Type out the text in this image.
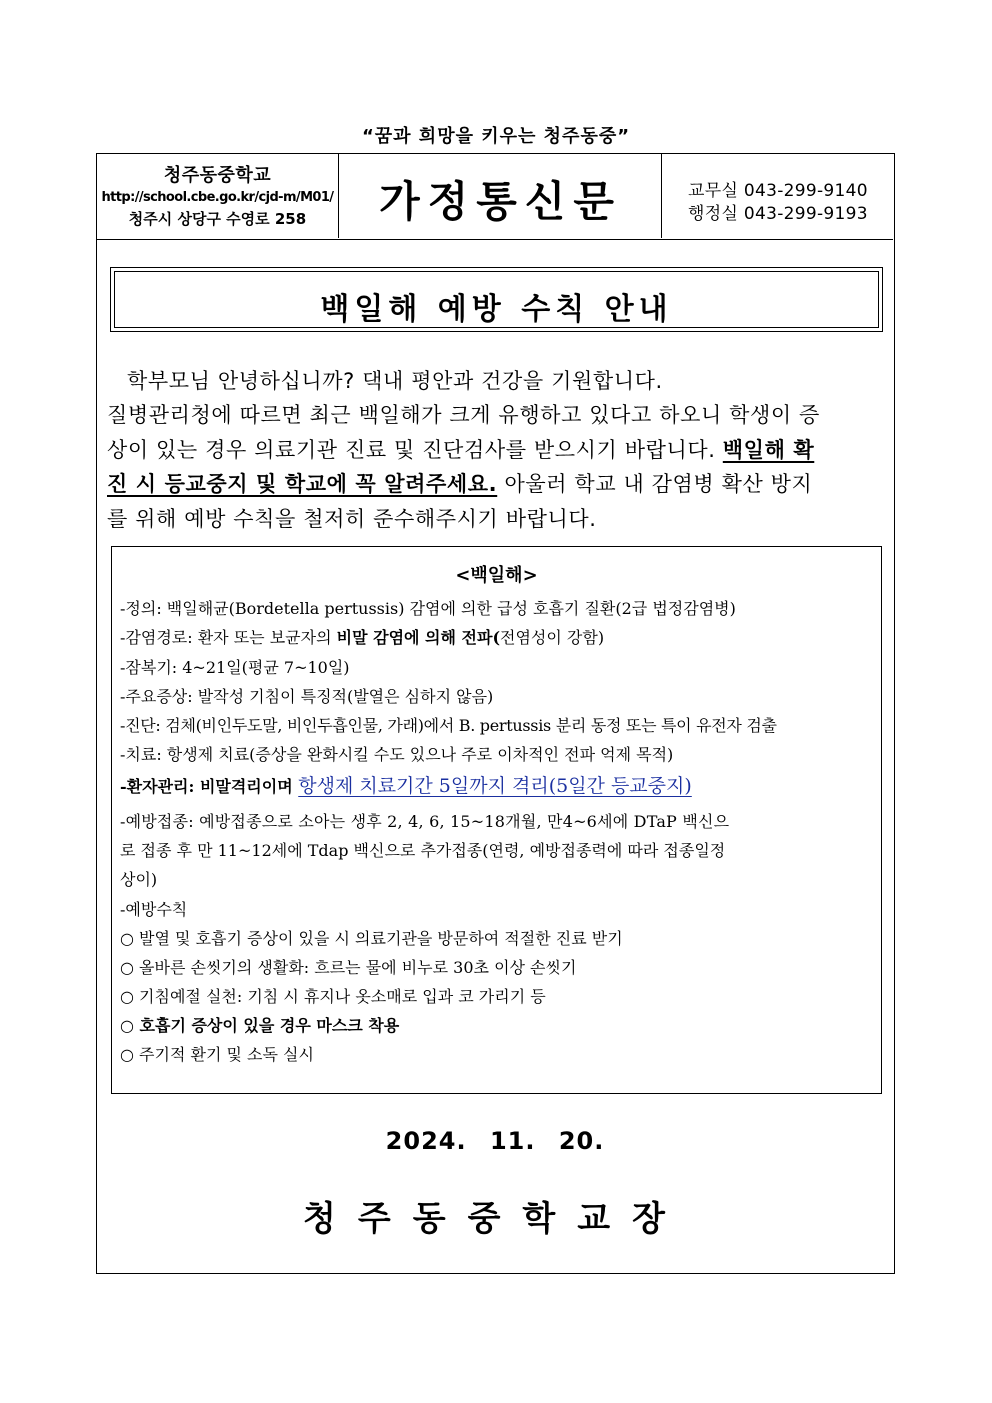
“꿈과 희망을 키우는 청주동중”
청주동중학교
http://school.cbe.go.kr/cjd-m/M01/
청주시 상당구 수영로 258	가정통신문	교무실 043-299-9140
행정실 043-299-9193
백일해 예방 수칙 안내
학부모님 안녕하십니까? 댁내 평안과 건강을 기원합니다.
질병관리청에 따르면 최근 백일해가 크게 유행하고 있다고 하오니 학생이 증
상이 있는 경우 의료기관 진료 및 진단검사를 받으시기 바랍니다. 백일해 확
진 시 등교중지 및 학교에 꼭 알려주세요. 아울러 학교 내 감염병 확산 방지
를 위해 예방 수칙을 철저히 준수해주시기 바랍니다.
<백일해>
-정의: 백일해균(Bordetella pertussis) 감염에 의한 급성 호흡기 질환(2급 법정감염병)
-감염경로: 환자 또는 보균자의 비말 감염에 의해 전파(전염성이 강함)
-잠복기: 4~21일(평균 7~10일)
-주요증상: 발작성 기침이 특징적(발열은 심하지 않음)
-진단: 검체(비인두도말, 비인두흡인물, 가래)에서 B. pertussis 분리 동정 또는 특이 유전자 검출
-치료: 항생제 치료(증상을 완화시킬 수도 있으나 주로 이차적인 전파 억제 목적)
-환자관리: 비말격리이며 항생제 치료기간 5일까지 격리(5일간 등교중지)
-예방접종: 예방접종으로 소아는 생후 2, 4, 6, 15~18개월, 만4~6세에 DTaP 백신으
로 접종 후 만 11~12세에 Tdap 백신으로 추가접종(연령, 예방접종력에 따라 접종일정
상이)
-예방수칙
○ 발열 및 호흡기 증상이 있을 시 의료기관을 방문하여 적절한 진료 받기
○ 올바른 손씻기의 생활화: 흐르는 물에 비누로 30초 이상 손씻기
○ 기침예절 실천: 기침 시 휴지나 옷소매로 입과 코 가리기 등
○ 호흡기 증상이 있을 경우 마스크 착용
○ 주기적 환기 및 소독 실시
2024. 11. 20.
청주동중학교장
